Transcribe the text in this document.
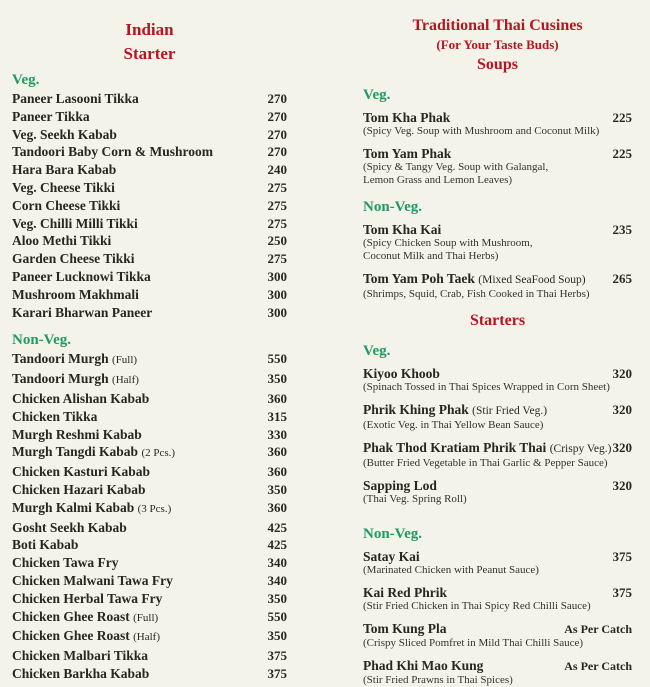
Indian
Starter
Veg.
Paneer Lasooni Tikka	270
Paneer Tikka	270
Veg. Seekh Kabab	270
Tandoori Baby Corn & Mushroom	270
Hara Bara Kabab	240
Veg. Cheese Tikki	275
Corn Cheese Tikki	275
Veg. Chilli Milli Tikki	275
Aloo Methi Tikki	250
Garden Cheese Tikki	275
Paneer Lucknowi Tikka	300
Mushroom Makhmali	300
Karari Bharwan Paneer	300
Non-Veg.
Tandoori Murgh (Full)	550
Tandoori Murgh (Half)	350
Chicken Alishan Kabab	360
Chicken Tikka	315
Murgh Reshmi Kabab	330
Murgh Tangdi Kabab (2 Pcs.)	360
Chicken Kasturi Kabab	360
Chicken Hazari Kabab	350
Murgh Kalmi Kabab (3 Pcs.)	360
Gosht Seekh Kabab	425
Boti Kabab	425
Chicken Tawa Fry	340
Chicken Malwani Tawa Fry	340
Chicken Herbal Tawa Fry	350
Chicken Ghee Roast (Full)	550
Chicken Ghee Roast (Half)	350
Chicken Malbari Tikka	375
Chicken Barkha Kabab	375
Traditional Thai Cusines
(For Your Taste Buds)
Soups
Veg.
Tom Kha Phak	225
(Spicy Veg. Soup with Mushroom and Coconut Milk)
Tom Yam Phak	225
(Spicy & Tangy Veg. Soup with Galangal,
Lemon Grass and Lemon Leaves)
Non-Veg.
Tom Kha Kai	235
(Spicy Chicken Soup with Mushroom,
Coconut Milk and Thai Herbs)
Tom Yam Poh Taek (Mixed SeaFood Soup) 265
(Shrimps, Squid, Crab, Fish Cooked in Thai Herbs)
Starters
Veg.
Kiyoo Khoob	320
(Spinach Tossed in Thai Spices Wrapped in Corn Sheet)
Phrik Khing Phak (Stir Fried Veg.)	320
(Exotic Veg. in Thai Yellow Bean Sauce)
Phak Thod Kratiam Phrik Thai (Crispy Veg.) 320
(Butter Fried Vegetable in Thai Garlic & Pepper Sauce)
Sapping Lod	320
(Thai Veg. Spring Roll)
Non-Veg.
Satay Kai	375
(Marinated Chicken with Peanut Sauce)
Kai Red Phrik	375
(Stir Fried Chicken in Thai Spicy Red Chilli Sauce)
Tom Kung Pla	As Per Catch
(Crispy Sliced Pomfret in Mild Thai Chilli Sauce)
Phad Khi Mao Kung	As Per Catch
(Stir Fried Prawns in Thai Spices)
